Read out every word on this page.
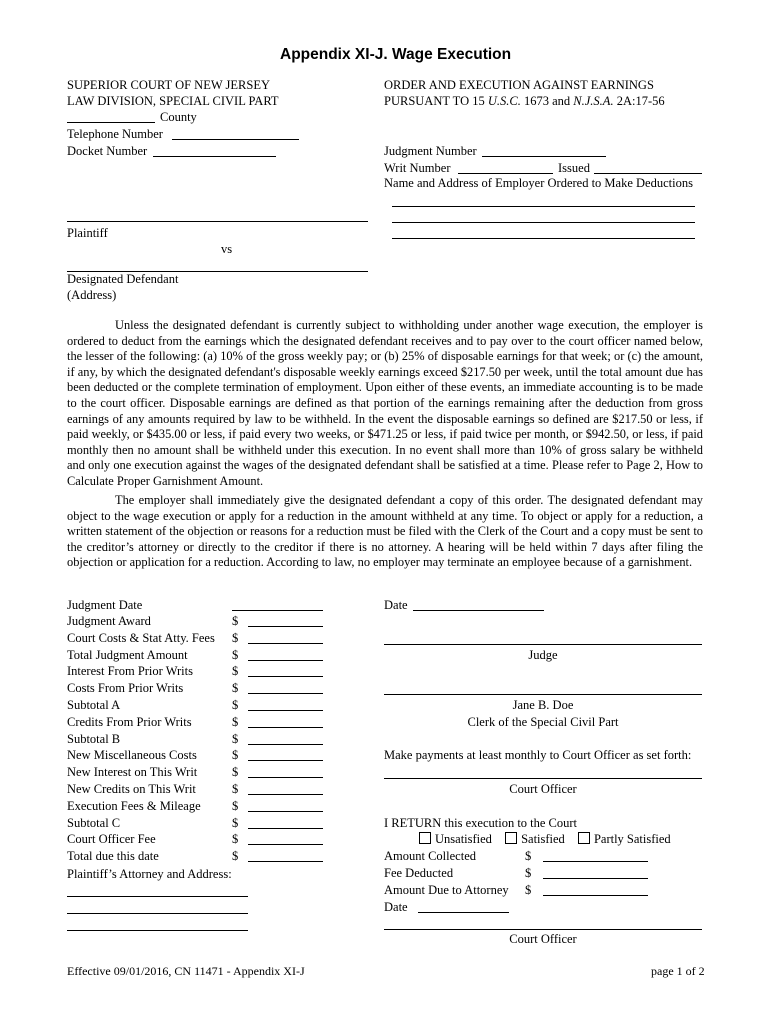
Appendix XI-J. Wage Execution
SUPERIOR COURT OF NEW JERSEY
LAW DIVISION, SPECIAL CIVIL PART
County
Telephone Number
Docket Number
ORDER AND EXECUTION AGAINST EARNINGS
PURSUANT TO 15 U.S.C. 1673 and N.J.S.A. 2A:17-56
Judgment Number
Writ Number	Issued
Name and Address of Employer Ordered to Make Deductions
Plaintiff
vs
Designated Defendant
(Address)

Unless the designated defendant is currently subject to withholding under another wage execution, the employer is ordered to deduct from the earnings which the designated defendant receives and to pay over to the court officer named below, the lesser of the following: (a) 10% of the gross weekly pay; or (b) 25% of disposable earnings for that week; or (c) the amount, if any, by which the designated defendant's disposable weekly earnings exceed $217.50 per week, until the total amount due has been deducted or the complete termination of employment. Upon either of these events, an immediate accounting is to be made to the court officer. Disposable earnings are defined as that portion of the earnings remaining after the deduction from gross earnings of any amounts required by law to be withheld. In the event the disposable earnings so defined are $217.50 or less, if paid weekly, or $435.00 or less, if paid every two weeks, or $471.25 or less, if paid twice per month, or $942.50, or less, if paid monthly then no amount shall be withheld under this execution. In no event shall more than 10% of gross salary be withheld and only one execution against the wages of the designated defendant shall be satisfied at a time. Please refer to Page 2, How to Calculate Proper Garnishment Amount.

The employer shall immediately give the designated defendant a copy of this order. The designated defendant may object to the wage execution or apply for a reduction in the amount withheld at any time. To object or apply for a reduction, a written statement of the objection or reasons for a reduction must be filed with the Clerk of the Court and a copy must be sent to the creditor’s attorney or directly to the creditor if there is no attorney. A hearing will be held within 7 days after filing the objection or application for a reduction. According to law, no employer may terminate an employee because of a garnishment.

Judgment Date
Judgment Award	$
Court Costs & Stat Atty. Fees $
Total Judgment Amount	$
Interest From Prior Writs	$
Costs From Prior Writs	$
Subtotal A	$
Credits From Prior Writs	$
Subtotal B	$
New Miscellaneous Costs	$
New Interest on This Writ	$
New Credits on This Writ	$
Execution Fees & Mileage	$
Subtotal C	$
Court Officer Fee	$
Total due this date	$
Plaintiff’s Attorney and Address:
Date
Judge
Jane B. Doe
Clerk of the Special Civil Part
Make payments at least monthly to Court Officer as set forth:
Court Officer
I RETURN this execution to the Court
Unsatisfied Satisfied Partly Satisfied
Amount Collected	$
Fee Deducted	$
Amount Due to Attorney $
Date
Court Officer
Effective 09/01/2016, CN 11471 - Appendix XI-J	page 1 of 2
